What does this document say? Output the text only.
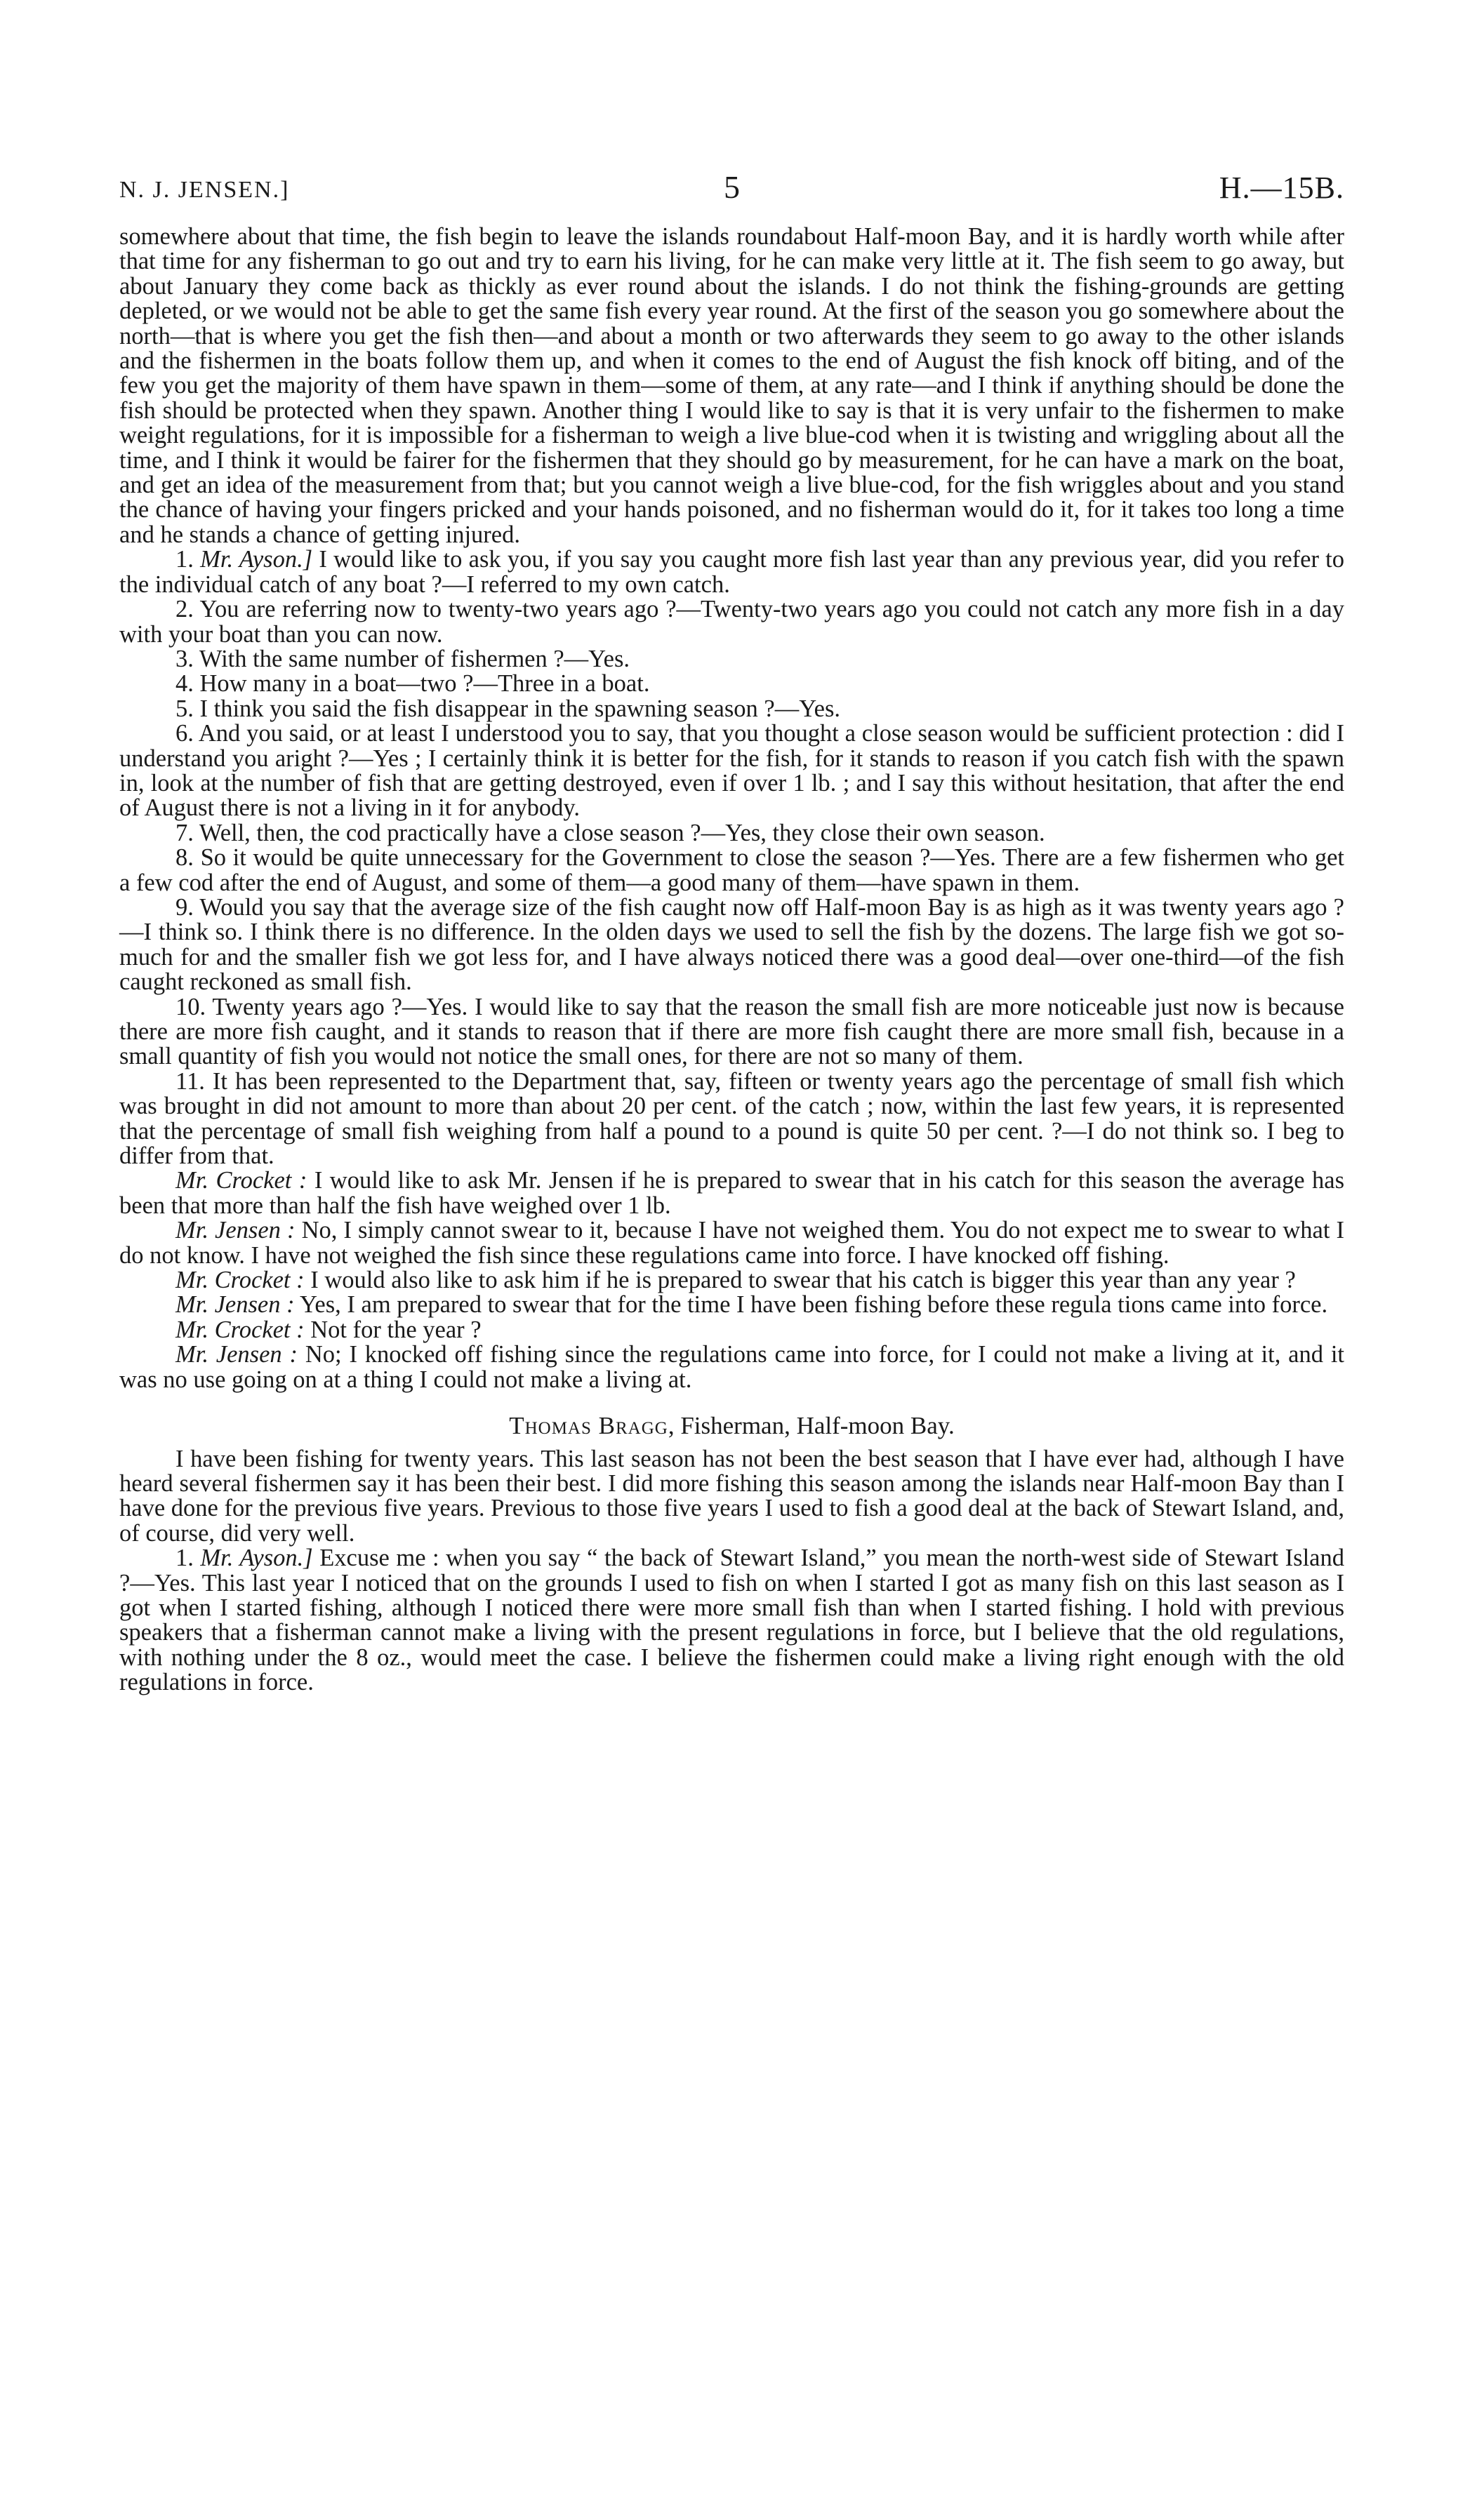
N. J. JENSEN.]	5	H.—15B.

somewhere about that time, the fish begin to leave the islands roundabout Half-moon Bay, and it is hardly worth while after that time for any fisherman to go out and try to earn his living, for he can make very little at it. The fish seem to go away, but about January they come back as thickly as ever round about the islands. I do not think the fishing-grounds are getting depleted, or we would not be able to get the same fish every year round. At the first of the season you go somewhere about the north—that is where you get the fish then—and about a month or two afterwards they seem to go away to the other islands and the fishermen in the boats follow them up, and when it comes to the end of August the fish knock off biting, and of the few you get the majority of them have spawn in them—some of them, at any rate—and I think if anything should be done the fish should be protected when they spawn. Another thing I would like to say is that it is very unfair to the fishermen to make weight regulations, for it is impossible for a fisherman to weigh a live blue-cod when it is twisting and wriggling about all the time, and I think it would be fairer for the fishermen that they should go by measurement, for he can have a mark on the boat, and get an idea of the measurement from that; but you cannot weigh a live blue-cod, for the fish wriggles about and you stand the chance of having your fingers pricked and your hands poisoned, and no fisherman would do it, for it takes too long a time and he stands a chance of getting injured.

1. Mr. Ayson.] I would like to ask you, if you say you caught more fish last year than any previous year, did you refer to the individual catch of any boat ?—I referred to my own catch.

2. You are referring now to twenty-two years ago ?—Twenty-two years ago you could not catch any more fish in a day with your boat than you can now.

3. With the same number of fishermen ?—Yes.

4. How many in a boat—two ?—Three in a boat.

5. I think you said the fish disappear in the spawning season ?—Yes.

6. And you said, or at least I understood you to say, that you thought a close season would be sufficient protection : did I understand you aright ?—Yes ; I certainly think it is better for the fish, for it stands to reason if you catch fish with the spawn in, look at the number of fish that are getting destroyed, even if over 1 lb. ; and I say this without hesitation, that after the end of August there is not a living in it for anybody.

7. Well, then, the cod practically have a close season ?—Yes, they close their own season.

8. So it would be quite unnecessary for the Government to close the season ?—Yes. There are a few fishermen who get a few cod after the end of August, and some of them—a good many of them—have spawn in them.

9. Would you say that the average size of the fish caught now off Half-moon Bay is as high as it was twenty years ago ?—I think so. I think there is no difference. In the olden days we used to sell the fish by the dozens. The large fish we got so-much for and the smaller fish we got less for, and I have always noticed there was a good deal—over one-third—of the fish caught reckoned as small fish.

10. Twenty years ago ?—Yes. I would like to say that the reason the small fish are more noticeable just now is because there are more fish caught, and it stands to reason that if there are more fish caught there are more small fish, because in a small quantity of fish you would not notice the small ones, for there are not so many of them.

11. It has been represented to the Department that, say, fifteen or twenty years ago the percentage of small fish which was brought in did not amount to more than about 20 per cent. of the catch ; now, within the last few years, it is represented that the percentage of small fish weighing from half a pound to a pound is quite 50 per cent. ?—I do not think so. I beg to differ from that.

Mr. Crocket : I would like to ask Mr. Jensen if he is prepared to swear that in his catch for this season the average has been that more than half the fish have weighed over 1 lb.

Mr. Jensen : No, I simply cannot swear to it, because I have not weighed them. You do not expect me to swear to what I do not know. I have not weighed the fish since these regulations came into force. I have knocked off fishing.

Mr. Crocket : I would also like to ask him if he is prepared to swear that his catch is bigger this year than any year ?

Mr. Jensen : Yes, I am prepared to swear that for the time I have been fishing before these regula tions came into force.

Mr. Crocket : Not for the year ?

Mr. Jensen : No; I knocked off fishing since the regulations came into force, for I could not make a living at it, and it was no use going on at a thing I could not make a living at.

Thomas Bragg, Fisherman, Half-moon Bay.

I have been fishing for twenty years. This last season has not been the best season that I have ever had, although I have heard several fishermen say it has been their best. I did more fishing this season among the islands near Half-moon Bay than I have done for the previous five years. Previous to those five years I used to fish a good deal at the back of Stewart Island, and, of course, did very well.

1. Mr. Ayson.] Excuse me : when you say “ the back of Stewart Island,” you mean the north-west side of Stewart Island ?—Yes. This last year I noticed that on the grounds I used to fish on when I started I got as many fish on this last season as I got when I started fishing, although I noticed there were more small fish than when I started fishing. I hold with previous speakers that a fisherman cannot make a living with the present regulations in force, but I believe that the old regulations, with nothing under the 8 oz., would meet the case. I believe the fishermen could make a living right enough with the old regulations in force.
